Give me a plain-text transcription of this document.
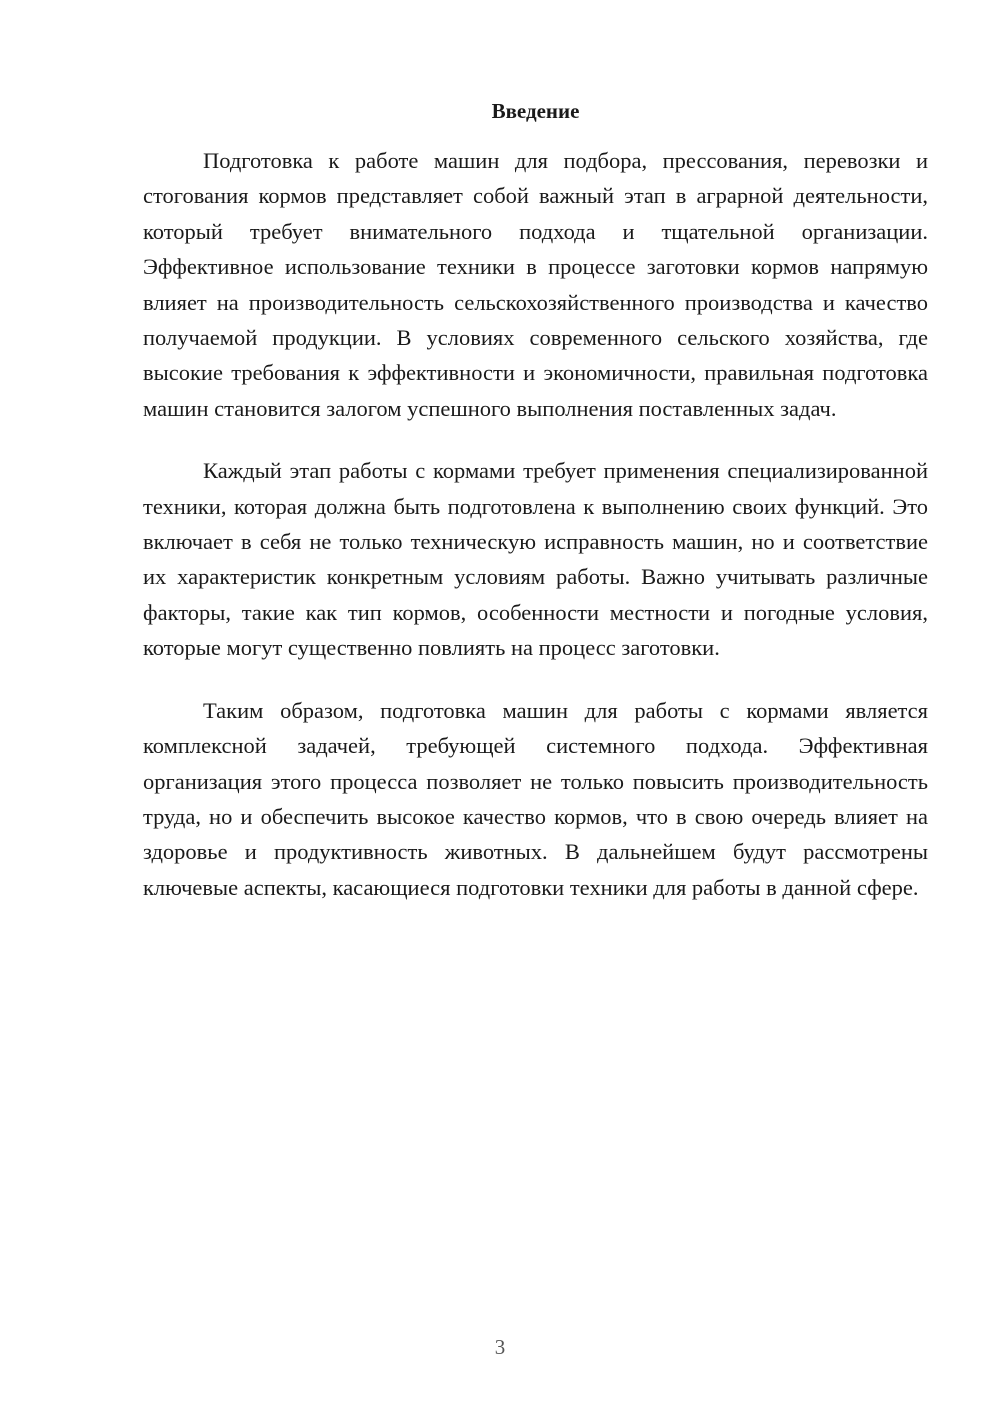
Введение

Подготовка к работе машин для подбора, прессования, перевозки и стогования кормов представляет собой важный этап в аграрной деятельности, который требует внимательного подхода и тщательной организации. Эффективное использование техники в процессе заготовки кормов напрямую влияет на производительность сельскохозяйственного производства и качество получаемой продукции. В условиях современного сельского хозяйства, где высокие требования к эффективности и экономичности, правильная подготовка машин становится залогом успешного выполнения поставленных задач.

Каждый этап работы с кормами требует применения специализированной техники, которая должна быть подготовлена к выполнению своих функций. Это включает в себя не только техническую исправность машин, но и соответствие их характеристик конкретным условиям работы. Важно учитывать различные факторы, такие как тип кормов, особенности местности и погодные условия, которые могут существенно повлиять на процесс заготовки.

Таким образом, подготовка машин для работы с кормами является комплексной задачей, требующей системного подхода. Эффективная организация этого процесса позволяет не только повысить производительность труда, но и обеспечить высокое качество кормов, что в свою очередь влияет на здоровье и продуктивность животных. В дальнейшем будут рассмотрены ключевые аспекты, касающиеся подготовки техники для работы в данной сфере.

3
